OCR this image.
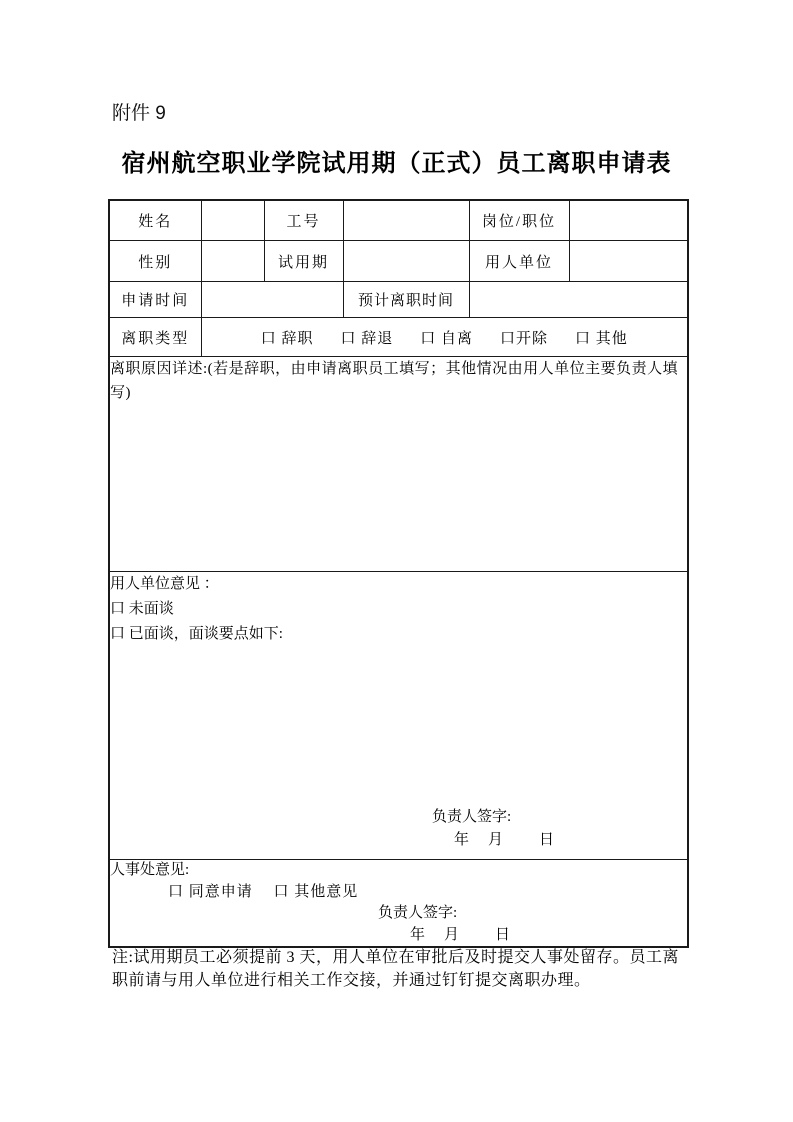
附件 9
宿州航空职业学院试用期（正式）员工离职申请表
姓名		工号		岗位/职位	
性别		试用期		用人单位	
申请时间			预计离职时间		
离职类型	口 辞职 口 辞退 口 自离 口开除 口 其他				

离职原因详述:(若是辞职，由申请离职员工填写；其他情况由用人单位主要负责人填写)					

用人单位意见 ：
口 未面谈
口 已面谈，面谈要点如下:
负责人签字:
年　月　　日					

人事处意见:
口 同意申请　 口 其他意见
负责人签字:
年　月　　日					
注:试用期员工必须提前 3 天，用人单位在审批后及时提交人事处留存。员工离职前请与用人单位进行相关工作交接，并通过钉钉提交离职办理。
